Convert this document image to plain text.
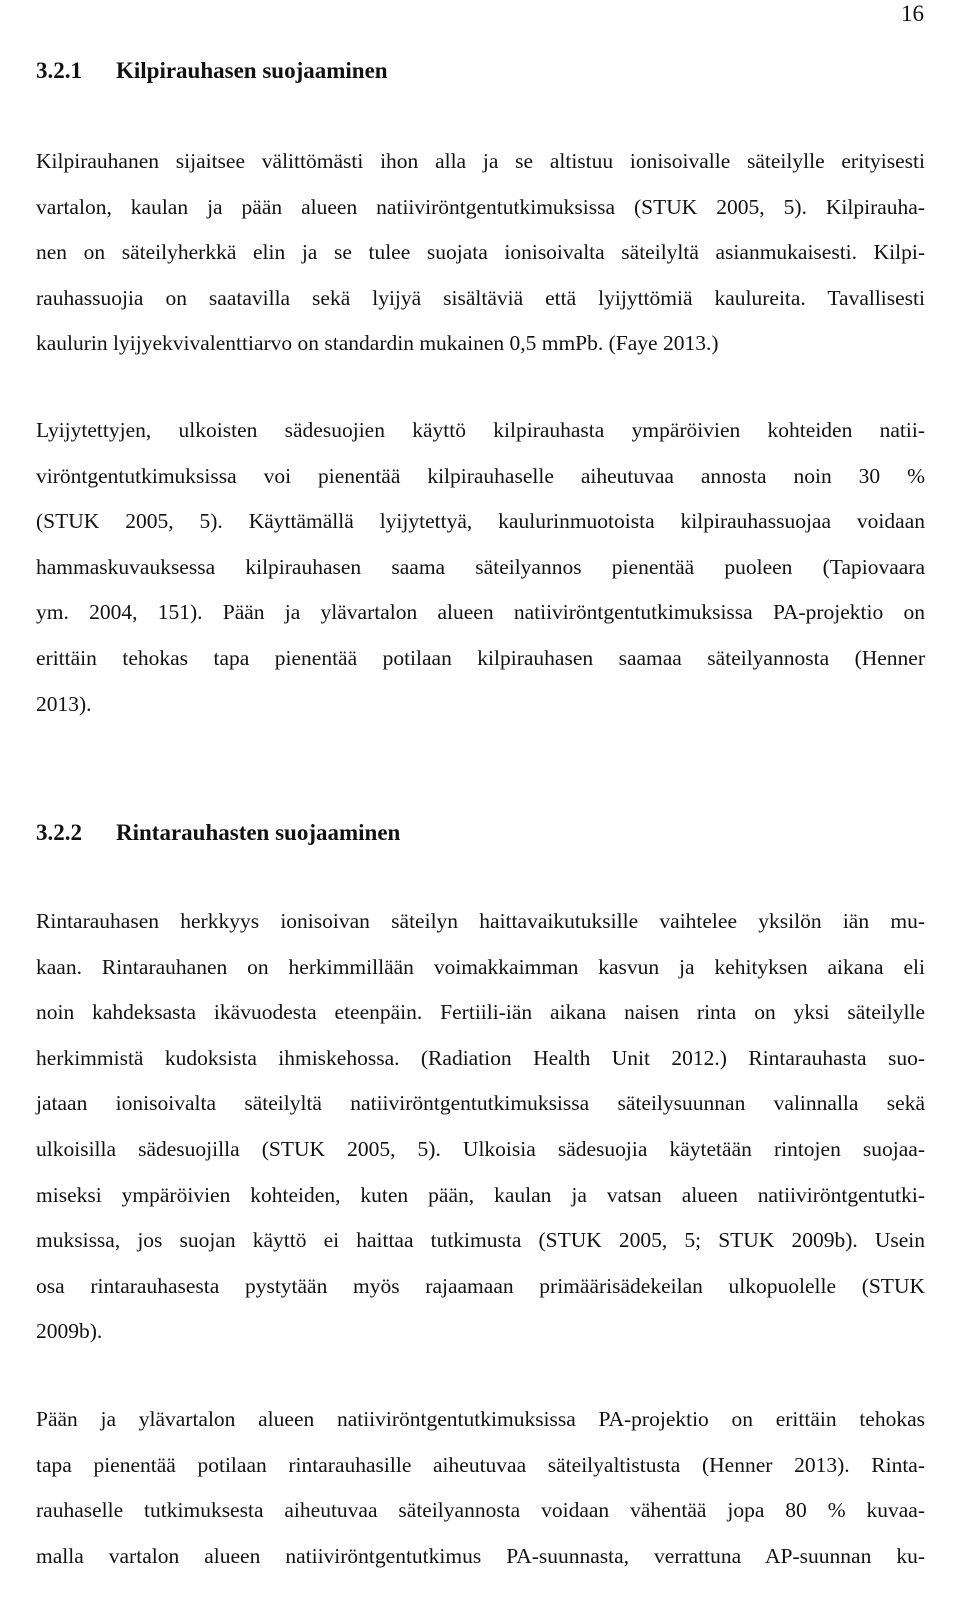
16
3.2.1 Kilpirauhasen suojaaminen
Kilpirauhanen sijaitsee välittömästi ihon alla ja se altistuu ionisoivalle säteilylle erityisesti
vartalon, kaulan ja pään alueen natiiviröntgentutkimuksissa (STUK 2005, 5). Kilpirauha-
nen on säteilyherkkä elin ja se tulee suojata ionisoivalta säteilyltä asianmukaisesti. Kilpi-
rauhassuojia on saatavilla sekä lyijyä sisältäviä että lyijyttömiä kaulureita. Tavallisesti
kaulurin lyijyekvivalenttiarvo on standardin mukainen 0,5 mmPb. (Faye 2013.)
Lyijytettyjen, ulkoisten sädesuojien käyttö kilpirauhasta ympäröivien kohteiden natii-
viröntgentutkimuksissa voi pienentää kilpirauhaselle aiheutuvaa annosta noin 30 %
(STUK 2005, 5). Käyttämällä lyijytettyä, kaulurinmuotoista kilpirauhassuojaa voidaan
hammaskuvauksessa kilpirauhasen saama säteilyannos pienentää puoleen (Tapiovaara
ym. 2004, 151). Pään ja ylävartalon alueen natiiviröntgentutkimuksissa PA-projektio on
erittäin tehokas tapa pienentää potilaan kilpirauhasen saamaa säteilyannosta (Henner
2013).
3.2.2 Rintarauhasten suojaaminen
Rintarauhasen herkkyys ionisoivan säteilyn haittavaikutuksille vaihtelee yksilön iän mu-
kaan. Rintarauhanen on herkimmillään voimakkaimman kasvun ja kehityksen aikana eli
noin kahdeksasta ikävuodesta eteenpäin. Fertiili-iän aikana naisen rinta on yksi säteilylle
herkimmistä kudoksista ihmiskehossa. (Radiation Health Unit 2012.) Rintarauhasta suo-
jataan ionisoivalta säteilyltä natiiviröntgentutkimuksissa säteilysuunnan valinnalla sekä
ulkoisilla sädesuojilla (STUK 2005, 5). Ulkoisia sädesuojia käytetään rintojen suojaa-
miseksi ympäröivien kohteiden, kuten pään, kaulan ja vatsan alueen natiiviröntgentutki-
muksissa, jos suojan käyttö ei haittaa tutkimusta (STUK 2005, 5; STUK 2009b). Usein
osa rintarauhasesta pystytään myös rajaamaan primäärisädekeilan ulkopuolelle (STUK
2009b).
Pään ja ylävartalon alueen natiiviröntgentutkimuksissa PA-projektio on erittäin tehokas
tapa pienentää potilaan rintarauhasille aiheutuvaa säteilyaltistusta (Henner 2013). Rinta-
rauhaselle tutkimuksesta aiheutuvaa säteilyannosta voidaan vähentää jopa 80 % kuvaa-
malla vartalon alueen natiiviröntgentutkimus PA-suunnasta, verrattuna AP-suunnan ku-
